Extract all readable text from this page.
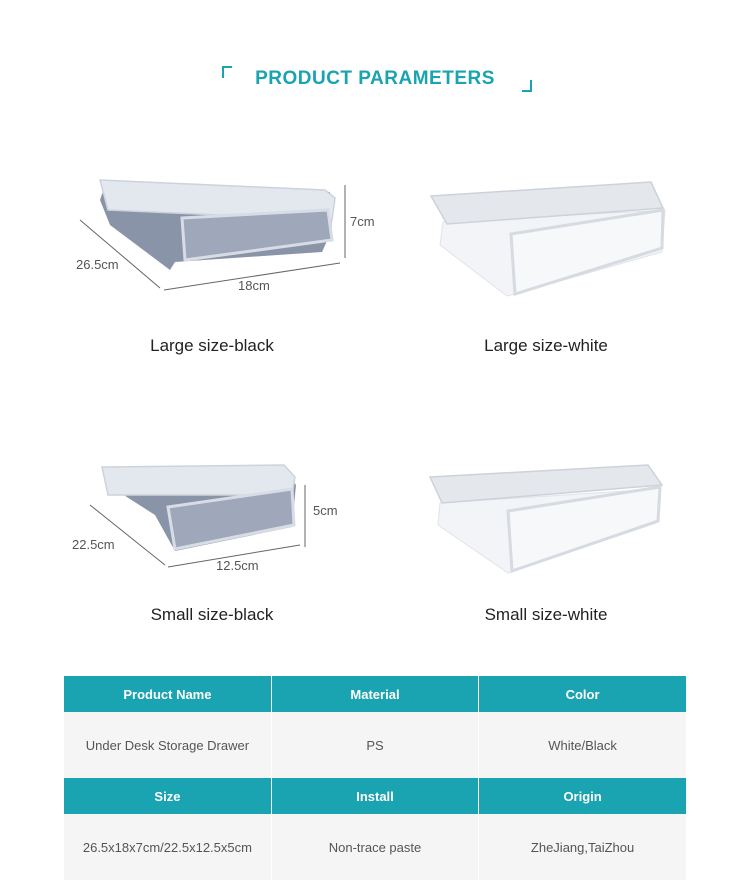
PRODUCT PARAMETERS
26.5cm
18cm
7cm
Large size-black	Large size-white
22.5cm
12.5cm
5cm
Small size-black	Small size-white
Product Name	Material	Color
Under Desk Storage Drawer	PS	White/Black
Size	Install	Origin
26.5x18x7cm/22.5x12.5x5cm	Non-trace paste	ZheJiang,TaiZhou
